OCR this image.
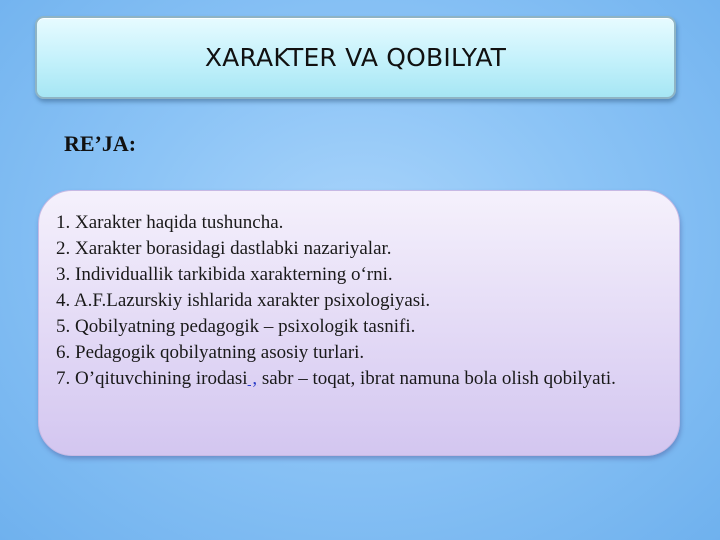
XARAKTER VA QOBILYAT
RE’JA:
1. Xarakter haqida tushuncha.
2. Xarakter borasidagi dastlabki nazariyalar.
3. Individuallik tarkibida xarakterning o‘rni.
4. A.F.Lazurskiy ishlarida xarakter psixologiyasi.
5. Qobilyatning pedagogik – psixologik tasnifi.
6. Pedagogik qobilyatning asosiy turlari.
7. O’qituvchining irodasi , sabr – toqat, ibrat namuna bola olish qobilyati.
